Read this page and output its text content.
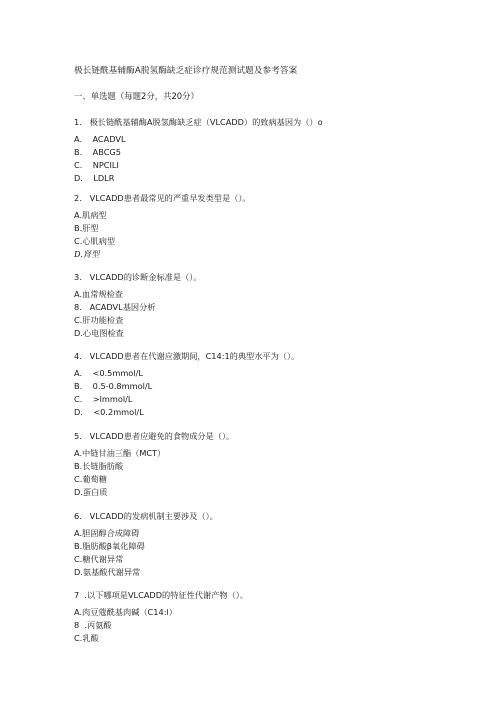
极长链酰基辅酶A脱氢酶缺乏症诊疗规范测试题及参考答案
一、单选题（每题2分，共20分）
1.   极长链酰基辅酶A脱氢酶缺乏症（VLCADD）的致病基因为（）o
A.    ACADVL
B.    ABCG5
C.    NPCILI
D.    LDLR
2.   VLCADD患者最常见的严重早发类型是（）。
A.肌病型
B.肝型
C.心肌病型
D.肾型
3.   VLCADD的诊断金标准是（）。
A.血常规检查
8.   ACADVL基因分析
C.肝功能检查
D.心电图检查
4.   VLCADD患者在代谢应激期间，C14:1的典型水平为（）。
A.    <0.5mmol/L
B.    0.5-0.8mmol/L
C.    >lmmol/L
D.    <0.2mmol/L
5.   VLCADD患者应避免的食物成分是（）。
A.中链甘油三酯（MCT）
B.长链脂肪酸
C.葡萄糖
D.蛋白质
6.   VLCADD的发病机制主要涉及（）。
A.胆固醇合成障碍
B.脂肪酸β氧化障碍
C.糖代谢异常
D.氨基酸代谢异常
7  .以下哪项是VLCADD的特征性代谢产物（）。
A.肉豆蔻酰基肉碱（C14:l）
8  .丙氨酸
C.乳酸
